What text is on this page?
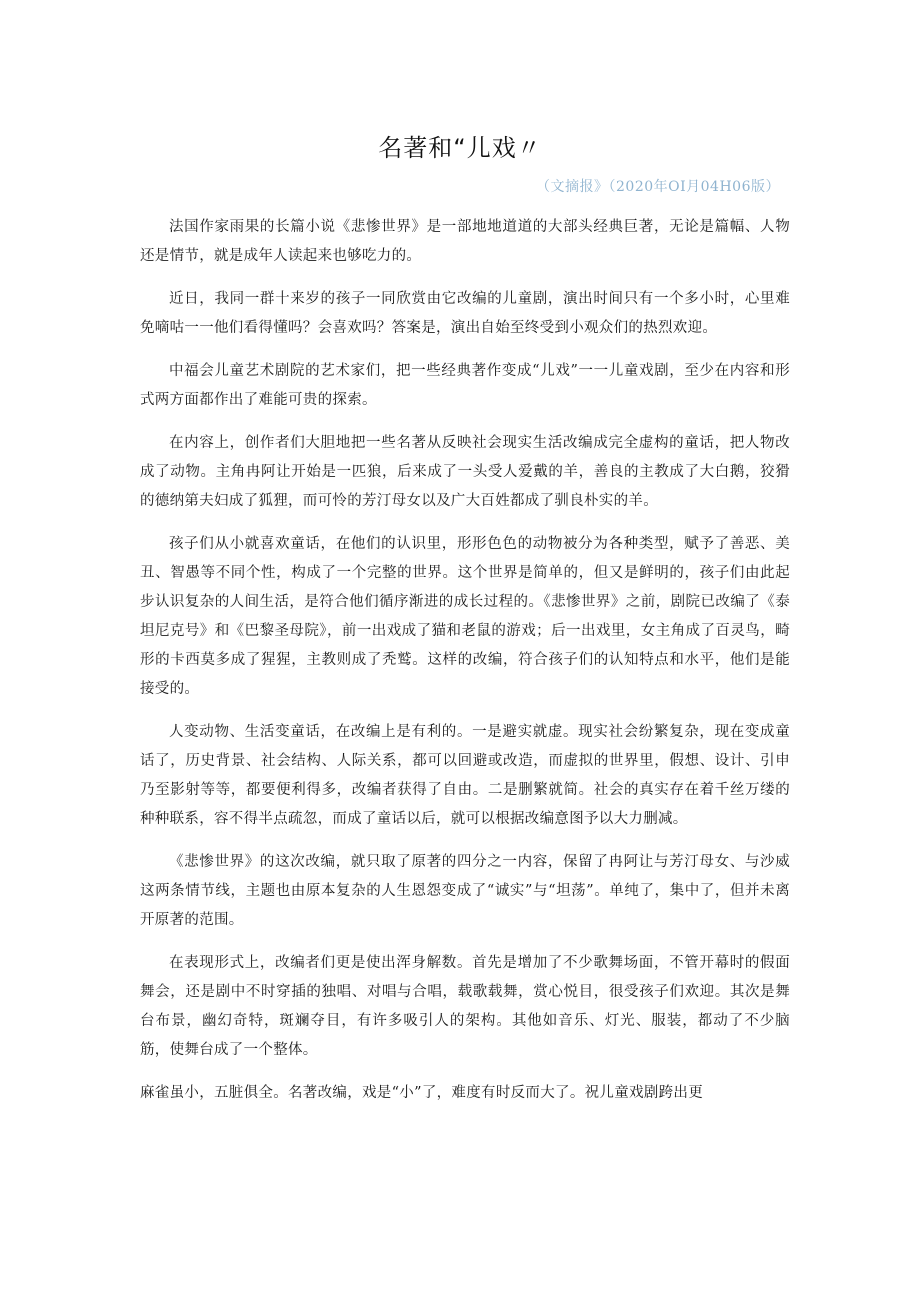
名著和“儿戏〃

（文摘报》（2020年OI月04H06版）

法国作家雨果的长篇小说《悲惨世界》是一部地地道道的大部头经典巨著，无论是篇幅、人物还是情节，就是成年人读起来也够吃力的。

近日，我同一群十来岁的孩子一同欣赏由它改编的儿童剧，演出时间只有一个多小时，心里难免嘀咕一一他们看得懂吗？会喜欢吗？答案是，演出自始至终受到小观众们的热烈欢迎。

中福会儿童艺术剧院的艺术家们，把一些经典著作变成“儿戏”一一儿童戏剧，至少在内容和形式两方面都作出了难能可贵的探索。

在内容上，创作者们大胆地把一些名著从反映社会现实生活改编成完全虚构的童话，把人物改成了动物。主角冉阿让开始是一匹狼，后来成了一头受人爱戴的羊，善良的主教成了大白鹅，狡猾的德纳第夫妇成了狐狸，而可怜的芳汀母女以及广大百姓都成了驯良朴实的羊。

孩子们从小就喜欢童话，在他们的认识里，形形色色的动物被分为各种类型，赋予了善恶、美丑、智愚等不同个性，构成了一个完整的世界。这个世界是简单的，但又是鲜明的，孩子们由此起步认识复杂的人间生活，是符合他们循序渐进的成长过程的。《悲惨世界》之前，剧院已改编了《泰坦尼克号》和《巴黎圣母院》，前一出戏成了猫和老鼠的游戏；后一出戏里，女主角成了百灵鸟，畸形的卡西莫多成了猩猩，主教则成了秃鹫。这样的改编，符合孩子们的认知特点和水平，他们是能接受的。

人变动物、生活变童话，在改编上是有利的。一是避实就虚。现实社会纷繁复杂，现在变成童话了，历史背景、社会结构、人际关系，都可以回避或改造，而虚拟的世界里，假想、设计、引申乃至影射等等，都要便利得多，改编者获得了自由。二是删繁就简。社会的真实存在着千丝万缕的种种联系，容不得半点疏忽，而成了童话以后，就可以根据改编意图予以大力删减。

《悲惨世界》的这次改编，就只取了原著的四分之一内容，保留了冉阿让与芳汀母女、与沙威这两条情节线，主题也由原本复杂的人生恩怨变成了“诚实”与“坦荡”。单纯了，集中了，但并未离开原著的范围。

在表现形式上，改编者们更是使出浑身解数。首先是增加了不少歌舞场面，不管开幕时的假面舞会，还是剧中不时穿插的独唱、对唱与合唱，载歌载舞，赏心悦目，很受孩子们欢迎。其次是舞台布景，幽幻奇特，斑斓夺目，有许多吸引人的架构。其他如音乐、灯光、服装，都动了不少脑筋，使舞台成了一个整体。

麻雀虽小，五脏俱全。名著改编，戏是“小”了，难度有时反而大了。祝儿童戏剧跨出更
